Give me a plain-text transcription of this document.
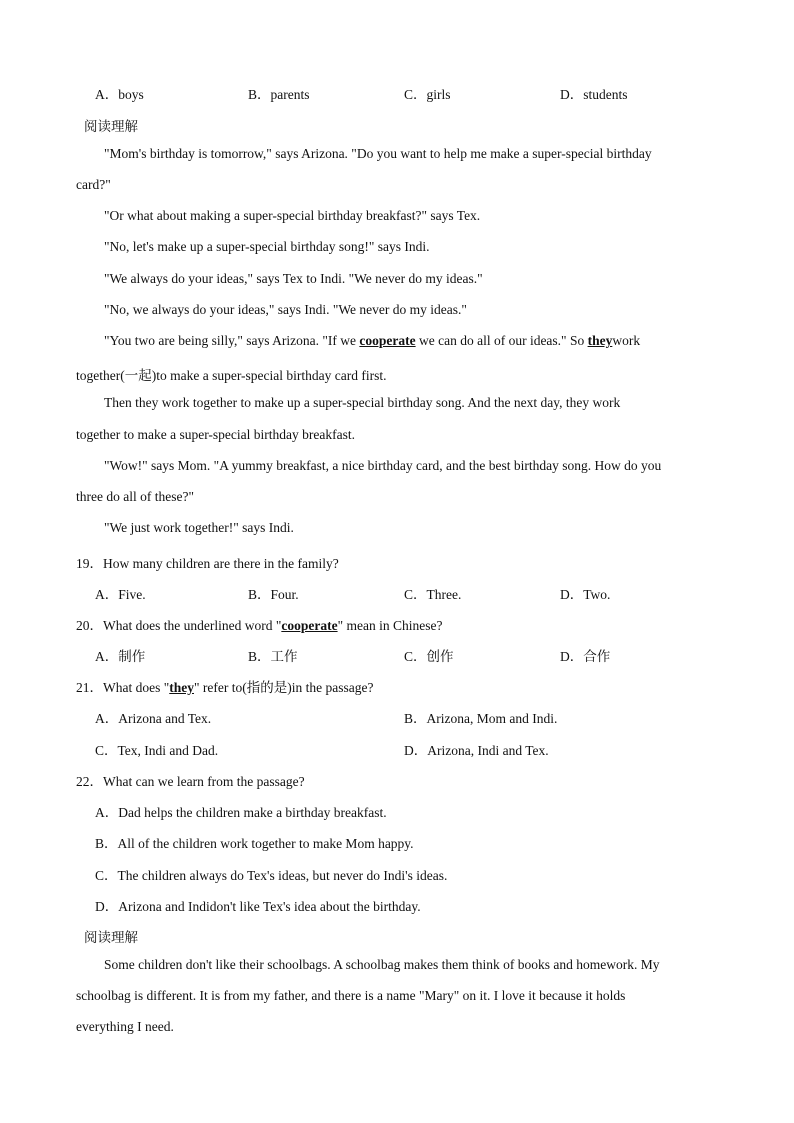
A．boys	B．parents	C．girls	D．students
阅读理解
"Mom's birthday is tomorrow," says Arizona. "Do you want to help me make a super-special birthday
card?"
"Or what about making a super-special birthday breakfast?" says Tex.
"No, let's make up a super-special birthday song!" says Indi.
"We always do your ideas," says Tex to Indi. "We never do my ideas."
"No, we always do your ideas," says Indi. "We never do my ideas."
"You two are being silly," says Arizona. "If we cooperate we can do all of our ideas." So theywork
together(一起)to make a super-special birthday card first.
Then they work together to make up a super-special birthday song. And the next day, they work
together to make a super-special birthday breakfast.
"Wow!" says Mom. "A yummy breakfast, a nice birthday card, and the best birthday song. How do you
three do all of these?"
"We just work together!" says Indi.
19．How many children are there in the family?
A．Five.	B．Four.	C．Three.	D．Two.
20．What does the underlined word "cooperate" mean in Chinese?
A．制作	B．工作	C．创作	D．合作
21．What does "they" refer to(指的是)in the passage?
A．Arizona and Tex.	B．Arizona, Mom and Indi.
C．Tex, Indi and Dad.	D．Arizona, Indi and Tex.
22．What can we learn from the passage?
A．Dad helps the children make a birthday breakfast.
B．All of the children work together to make Mom happy.
C．The children always do Tex's ideas, but never do Indi's ideas.
D．Arizona and Indidon't like Tex's idea about the birthday.
阅读理解
Some children don't like their schoolbags. A schoolbag makes them think of books and homework. My
schoolbag is different. It is from my father, and there is a name "Mary" on it. I love it because it holds
everything I need.
